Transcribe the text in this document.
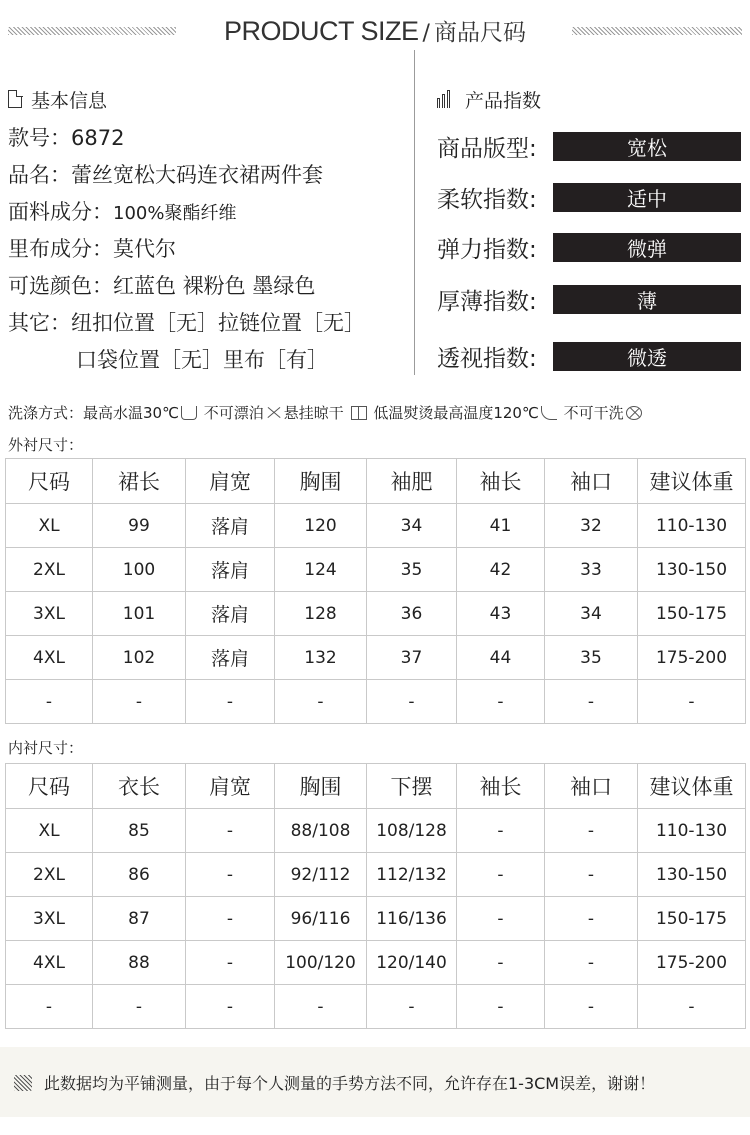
PRODUCT SIZE / 商品尺码
基本信息
款号：6872
品名：蕾丝宽松大码连衣裙两件套
面料成分：100%聚酯纤维
里布成分：莫代尔
可选颜色：红蓝色 裸粉色 墨绿色
其它：纽扣位置［无］拉链位置［无］
口袋位置［无］里布［有］
产品指数
商品版型:	宽松
柔软指数:	适中
弹力指数:	微弹
厚薄指数:	薄
透视指数:	微透
洗涤方式：最高水温30℃ 不可漂泊 悬挂晾干 低温熨烫最高温度120℃ 不可干洗
外衬尺寸：
尺码	裙长	肩宽	胸围	袖肥	袖长	袖口	建议体重
XL	99	落肩	120	34	41	32	110-130
2XL	100	落肩	124	35	42	33	130-150
3XL	101	落肩	128	36	43	34	150-175
4XL	102	落肩	132	37	44	35	175-200
-	-	-	-	-	-	-	-
内衬尺寸：
尺码	衣长	肩宽	胸围	下摆	袖长	袖口	建议体重
XL	85	-	88/108	108/128	-	-	110-130
2XL	86	-	92/112	112/132	-	-	130-150
3XL	87	-	96/116	116/136	-	-	150-175
4XL	88	-	100/120	120/140	-	-	175-200
-	-	-	-	-	-	-	-
此数据均为平铺测量，由于每个人测量的手势方法不同，允许存在1-3CM误差，谢谢！
